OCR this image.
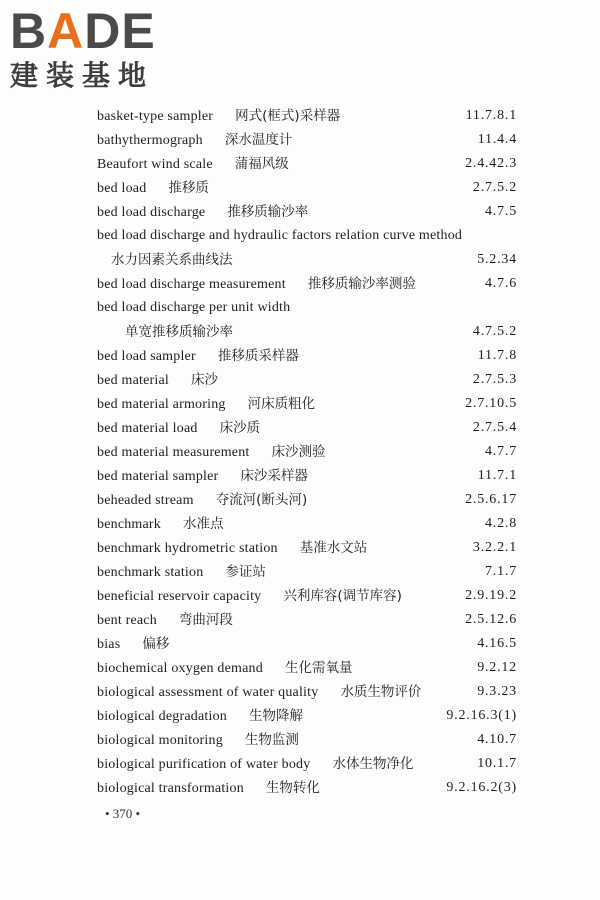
BADE
建装基地
basket-type sampler 网式(框式)采样器	11.7.8.1
bathythermograph 深水温度计	11.4.4
Beaufort wind scale 蒲福风级	2.4.42.3
bed load 推移质	2.7.5.2
bed load discharge 推移质输沙率	4.7.5
bed load discharge and hydraulic factors relation curve method
水力因素关系曲线法	5.2.34
bed load discharge measurement 推移质输沙率测验	4.7.6
bed load discharge per unit width
单宽推移质输沙率	4.7.5.2
bed load sampler 推移质采样器	11.7.8
bed material 床沙	2.7.5.3
bed material armoring 河床质粗化	2.7.10.5
bed material load 床沙质	2.7.5.4
bed material measurement 床沙测验	4.7.7
bed material sampler 床沙采样器	11.7.1
beheaded stream 夺流河(断头河)	2.5.6.17
benchmark 水准点	4.2.8
benchmark hydrometric station 基准水文站	3.2.2.1
benchmark station 参证站	7.1.7
beneficial reservoir capacity 兴利库容(调节库容)	2.9.19.2
bent reach 弯曲河段	2.5.12.6
bias 偏移	4.16.5
biochemical oxygen demand 生化需氧量	9.2.12
biological assessment of water quality 水质生物评价	9.3.23
biological degradation 生物降解	9.2.16.3(1)
biological monitoring 生物监测	4.10.7
biological purification of water body 水体生物净化	10.1.7
biological transformation 生物转化	9.2.16.2(3)
• 370 •
